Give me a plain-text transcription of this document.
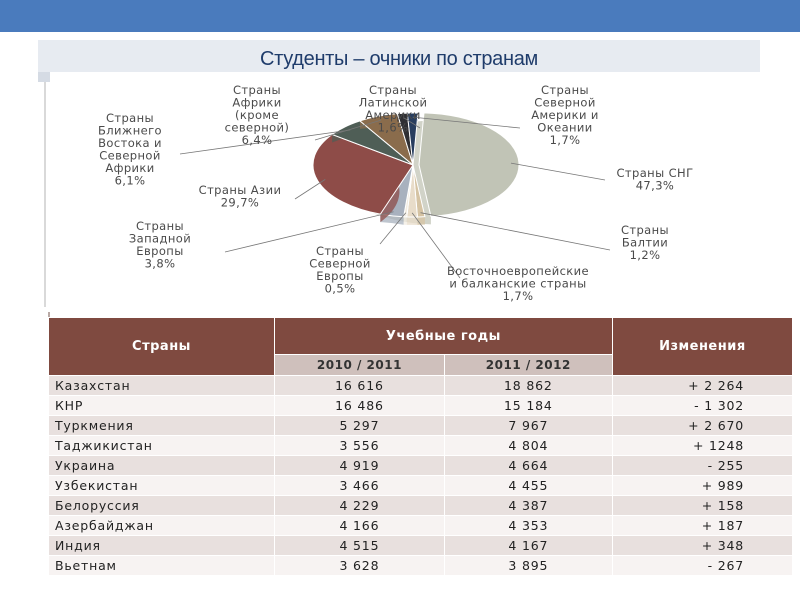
Студенты – очники по странам
Страны СНГ 47,3%
Страны Балтии 1,2%
Восточноевропейские и балканские страны 1,7%
Страны Северной Европы 0,5%
Страны Западной Европы 3,8%
Страны Азии 29,7%
Страны Ближнего Востока и Северной Африки 6,1%
Страны Африки (кроме северной) 6,4%
Страны Латинской Америки 1,6%
Страны Северной Америки и Океании 1,7%
Страны	Учебные годы		Изменения
	2010 / 2011	2011 / 2012	
Казахстан	16 616	18 862	+ 2 264
КНР	16 486	15 184	- 1 302
Туркмения	5 297	7 967	+ 2 670
Таджикистан	3 556	4 804	+ 1248
Украина	4 919	4 664	- 255
Узбекистан	3 466	4 455	+ 989
Белоруссия	4 229	4 387	+ 158
Азербайджан	4 166	4 353	+ 187
Индия	4 515	4 167	+ 348
Вьетнам	3 628	3 895	- 267
